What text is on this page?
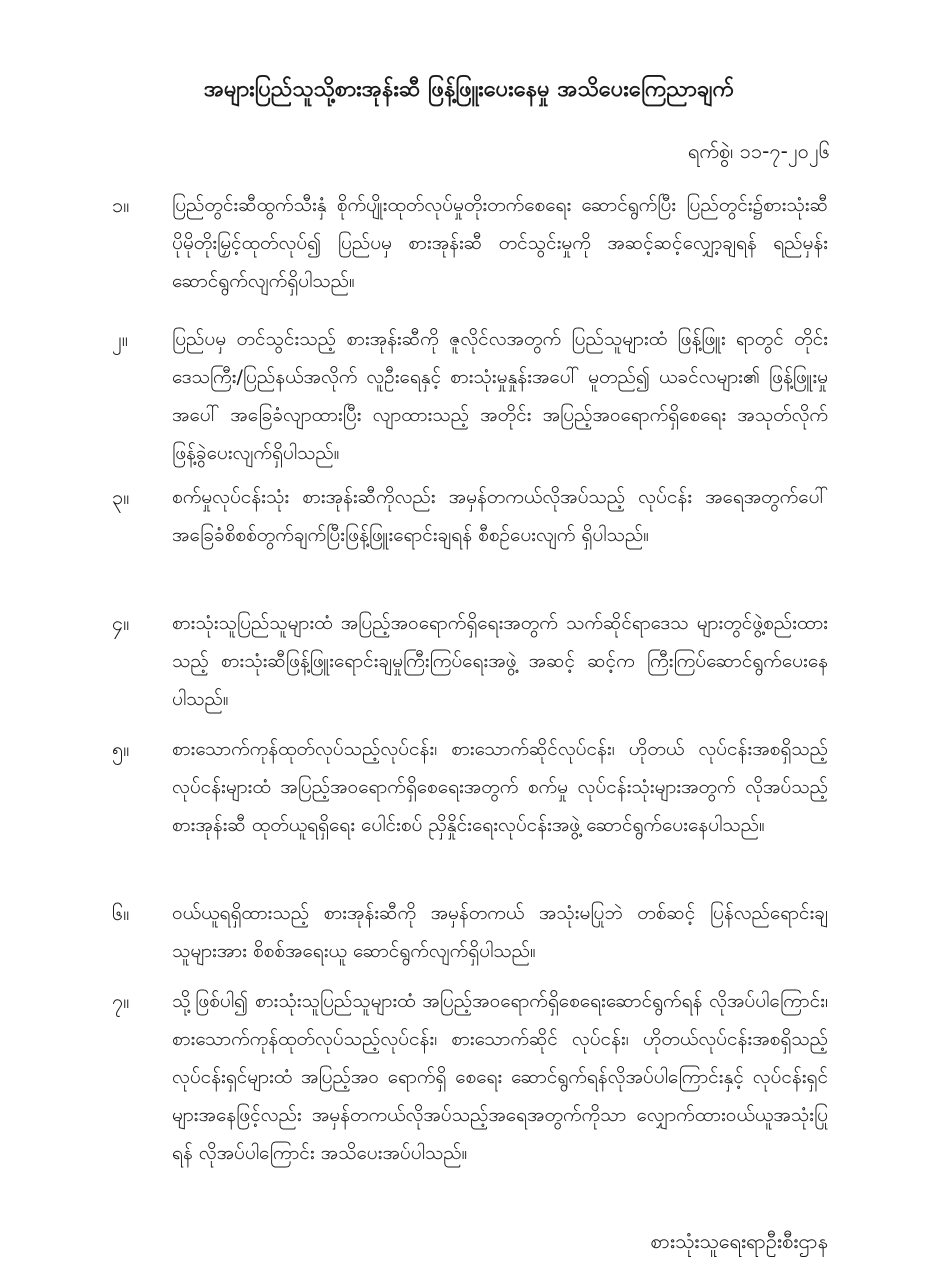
အများပြည်သူသို့စားအုန်းဆီ ဖြန့်ဖြူးပေးနေမှု အသိပေးကြေညာချက်
ရက်စွဲ၊ ၁၁-၇-၂၀၂၆
၁။	ပြည်တွင်းဆီထွက်သီးနှံ စိုက်ပျိုးထုတ်လုပ်မှုတိုးတက်စေရေး ဆောင်ရွက်ပြီး ပြည်တွင်း၌စားသုံးဆီပိုမိုတိုးမြှင့်ထုတ်လုပ်၍ ပြည်ပမှ စားအုန်းဆီ တင်သွင်းမှုကို အဆင့်ဆင့်လျှော့ချရန် ရည်မှန်းဆောင်ရွက်လျက်ရှိပါသည်။
၂။	ပြည်ပမှ တင်သွင်းသည့် စားအုန်းဆီကို ဇူလိုင်လအတွက် ပြည်သူများထံ ဖြန့်ဖြူး ရာတွင် တိုင်းဒေသကြီး/ပြည်နယ်အလိုက် လူဦးရေနှင့် စားသုံးမှုနှုန်းအပေါ် မူတည်၍ ယခင်လများ၏ ဖြန့်ဖြူးမှုအပေါ် အခြေခံလျာထားပြီး လျာထားသည့် အတိုင်း အပြည့်အဝရောက်ရှိစေရေး အသုတ်လိုက် ဖြန့်ခွဲပေးလျက်ရှိပါသည်။
၃။	စက်မှုလုပ်ငန်းသုံး စားအုန်းဆီကိုလည်း အမှန်တကယ်လိုအပ်သည့် လုပ်ငန်း အရေအတွက်ပေါ်အခြေခံစိစစ်တွက်ချက်ပြီးဖြန့်ဖြူးရောင်းချရန် စီစဉ်ပေးလျက် ရှိပါသည်။
၄။	စားသုံးသူပြည်သူများထံ အပြည့်အဝရောက်ရှိရေးအတွက် သက်ဆိုင်ရာဒေသ များတွင်ဖွဲ့စည်းထားသည့် စားသုံးဆီဖြန့်ဖြူးရောင်းချမှုကြီးကြပ်ရေးအဖွဲ့ အဆင့် ဆင့်က ကြီးကြပ်ဆောင်ရွက်ပေးနေပါသည်။
၅။	စားသောက်ကုန်ထုတ်လုပ်သည့်လုပ်ငန်း၊ စားသောက်ဆိုင်လုပ်ငန်း၊ ဟိုတယ် လုပ်ငန်းအစရှိသည့် လုပ်ငန်းများထံ အပြည့်အဝရောက်ရှိစေရေးအတွက် စက်မှု လုပ်ငန်းသုံးများအတွက် လိုအပ်သည့် စားအုန်းဆီ ထုတ်ယူရရှိရေး ပေါင်းစပ် ညှိနှိုင်းရေးလုပ်ငန်းအဖွဲ့ ဆောင်ရွက်ပေးနေပါသည်။
၆။	ဝယ်ယူရရှိထားသည့် စားအုန်းဆီကို အမှန်တကယ် အသုံးမပြုဘဲ တစ်ဆင့် ပြန်လည်ရောင်းချသူများအား စိစစ်အရေးယူ ဆောင်ရွက်လျက်ရှိပါသည်။
၇။	သို့ဖြစ်ပါ၍ စားသုံးသူပြည်သူများထံ အပြည့်အဝရောက်ရှိစေရေးဆောင်ရွက်ရန် လိုအပ်ပါကြောင်း၊ စားသောက်ကုန်ထုတ်လုပ်သည့်လုပ်ငန်း၊ စားသောက်ဆိုင် လုပ်ငန်း၊ ဟိုတယ်လုပ်ငန်းအစရှိသည့် လုပ်ငန်းရှင်များထံ အပြည့်အဝ ရောက်ရှိ စေရေး ဆောင်ရွက်ရန်လိုအပ်ပါကြောင်းနှင့် လုပ်ငန်းရှင်များအနေဖြင့်လည်း အမှန်တကယ်လိုအပ်သည့်အရေအတွက်ကိုသာ လျှောက်ထားဝယ်ယူအသုံးပြုရန် လိုအပ်ပါကြောင်း အသိပေးအပ်ပါသည်။
စားသုံးသူရေးရာဦးစီးဌာန
